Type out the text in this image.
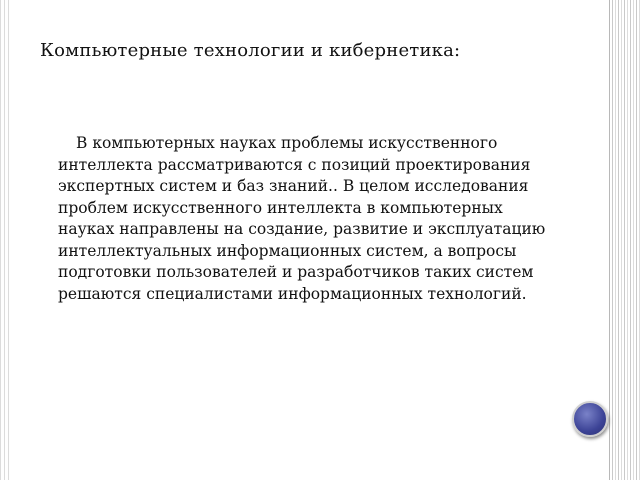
Компьютерные технологии и кибернетика:
В компьютерных науках проблемы искусственного интеллекта рассматриваются с позиций проектирования экспертных систем и баз знаний.. В целом исследования проблем искусственного интеллекта в компьютерных науках направлены на создание, развитие и эксплуатацию интеллектуальных информационных систем, а вопросы подготовки пользователей и разработчиков таких систем решаются специалистами информационных технологий.
